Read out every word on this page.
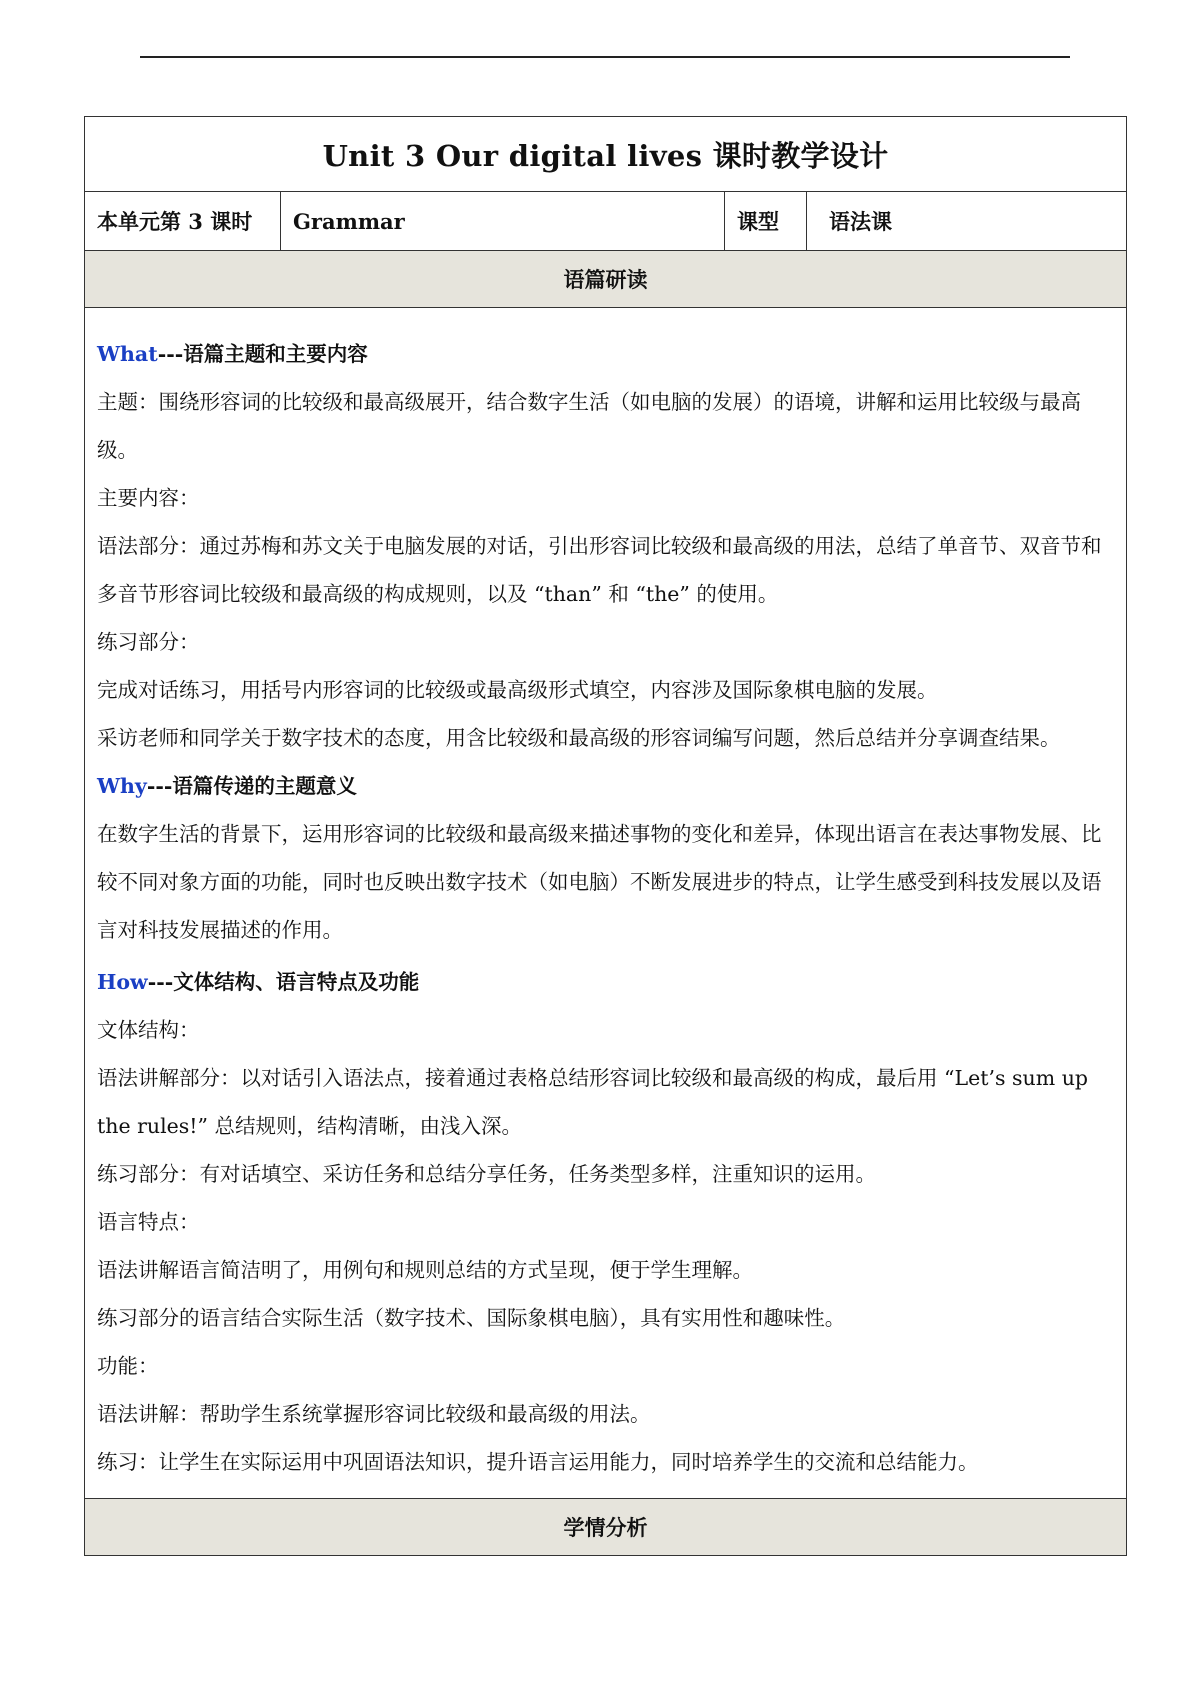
Unit 3 Our digital lives 课时教学设计
本单元第 3 课时	Grammar	课型	语法课
语篇研读

What---语篇主题和主要内容

主题：围绕形容词的比较级和最高级展开，结合数字生活（如电脑的发展）的语境，讲解和运用比较级与最高级。

主要内容：

语法部分：通过苏梅和苏文关于电脑发展的对话，引出形容词比较级和最高级的用法，总结了单音节、双音节和多音节形容词比较级和最高级的构成规则，以及 “than” 和 “the” 的使用。

练习部分：

完成对话练习，用括号内形容词的比较级或最高级形式填空，内容涉及国际象棋电脑的发展。

采访老师和同学关于数字技术的态度，用含比较级和最高级的形容词编写问题，然后总结并分享调查结果。

Why---语篇传递的主题意义

在数字生活的背景下，运用形容词的比较级和最高级来描述事物的变化和差异，体现出语言在表达事物发展、比较不同对象方面的功能，同时也反映出数字技术（如电脑）不断发展进步的特点，让学生感受到科技发展以及语言对科技发展描述的作用。

How---文体结构、语言特点及功能

文体结构：

语法讲解部分：以对话引入语法点，接着通过表格总结形容词比较级和最高级的构成，最后用 “Let’s sum up the rules!” 总结规则，结构清晰，由浅入深。

练习部分：有对话填空、采访任务和总结分享任务，任务类型多样，注重知识的运用。

语言特点：

语法讲解语言简洁明了，用例句和规则总结的方式呈现，便于学生理解。

练习部分的语言结合实际生活（数字技术、国际象棋电脑），具有实用性和趣味性。

功能：

语法讲解：帮助学生系统掌握形容词比较级和最高级的用法。

练习：让学生在实际运用中巩固语法知识，提升语言运用能力，同时培养学生的交流和总结能力。

学情分析
